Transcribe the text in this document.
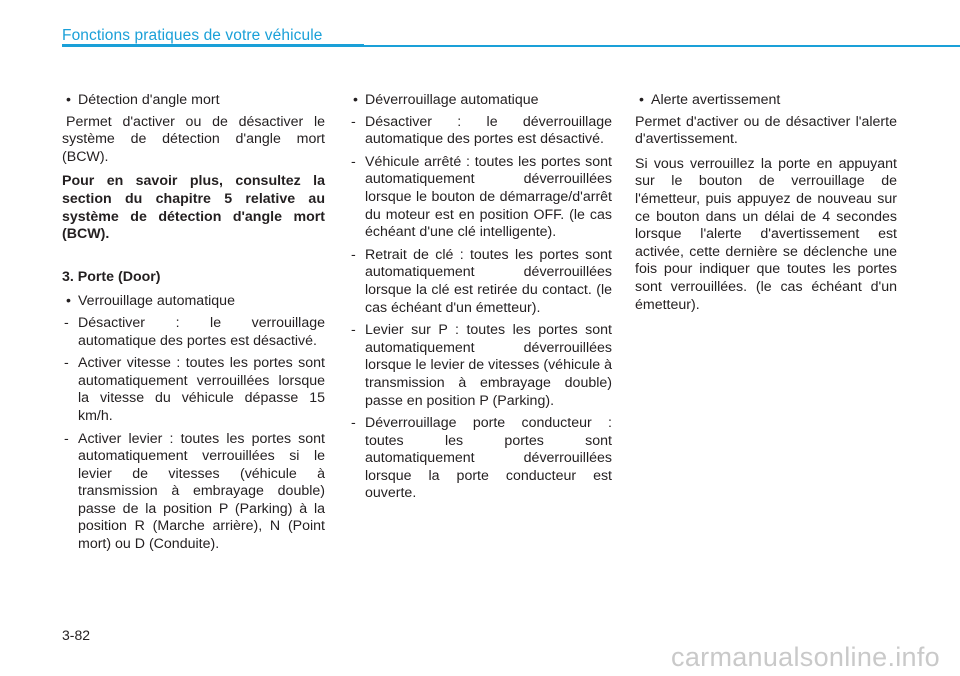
Fonctions pratiques de votre véhicule
• Détection d'angle mort
Permet d'activer ou de désactiver le système de détection d'angle mort (BCW).
Pour en savoir plus, consultez la section du chapitre 5 relative au système de détection d'angle mort (BCW).
3. Porte (Door)
• Verrouillage automatique
- Désactiver : le verrouillage automatique des portes est désactivé.
- Activer vitesse : toutes les portes sont automatiquement verrouillées lorsque la vitesse du véhicule dépasse 15 km/h.
- Activer levier : toutes les portes sont automatiquement verrouillées si le levier de vitesses (véhicule à transmission à embrayage double) passe de la position P (Parking) à la position R (Marche arrière), N (Point mort) ou D (Conduite).
• Déverrouillage automatique
- Désactiver : le déverrouillage automatique des portes est désactivé.
- Véhicule arrêté : toutes les portes sont automatiquement déverrouillées lorsque le bouton de démarrage/d'arrêt du moteur est en position OFF. (le cas échéant d'une clé intelligente).
- Retrait de clé : toutes les portes sont automatiquement déverrouillées lorsque la clé est retirée du contact. (le cas échéant d'un émetteur).
- Levier sur P : toutes les portes sont automatiquement déverrouillées lorsque le levier de vitesses (véhicule à transmission à embrayage double) passe en position P (Parking).
- Déverrouillage porte conducteur : toutes les portes sont automatiquement déverrouillées lorsque la porte conducteur est ouverte.
• Alerte avertissement
Permet d'activer ou de désactiver l'alerte d'avertissement.
Si vous verrouillez la porte en appuyant sur le bouton de verrouillage de l'émetteur, puis appuyez de nouveau sur ce bouton dans un délai de 4 secondes lorsque l'alerte d'avertissement est activée, cette dernière se déclenche une fois pour indiquer que toutes les portes sont verrouillées. (le cas échéant d'un émetteur).
3-82
carmanualsonline.info
